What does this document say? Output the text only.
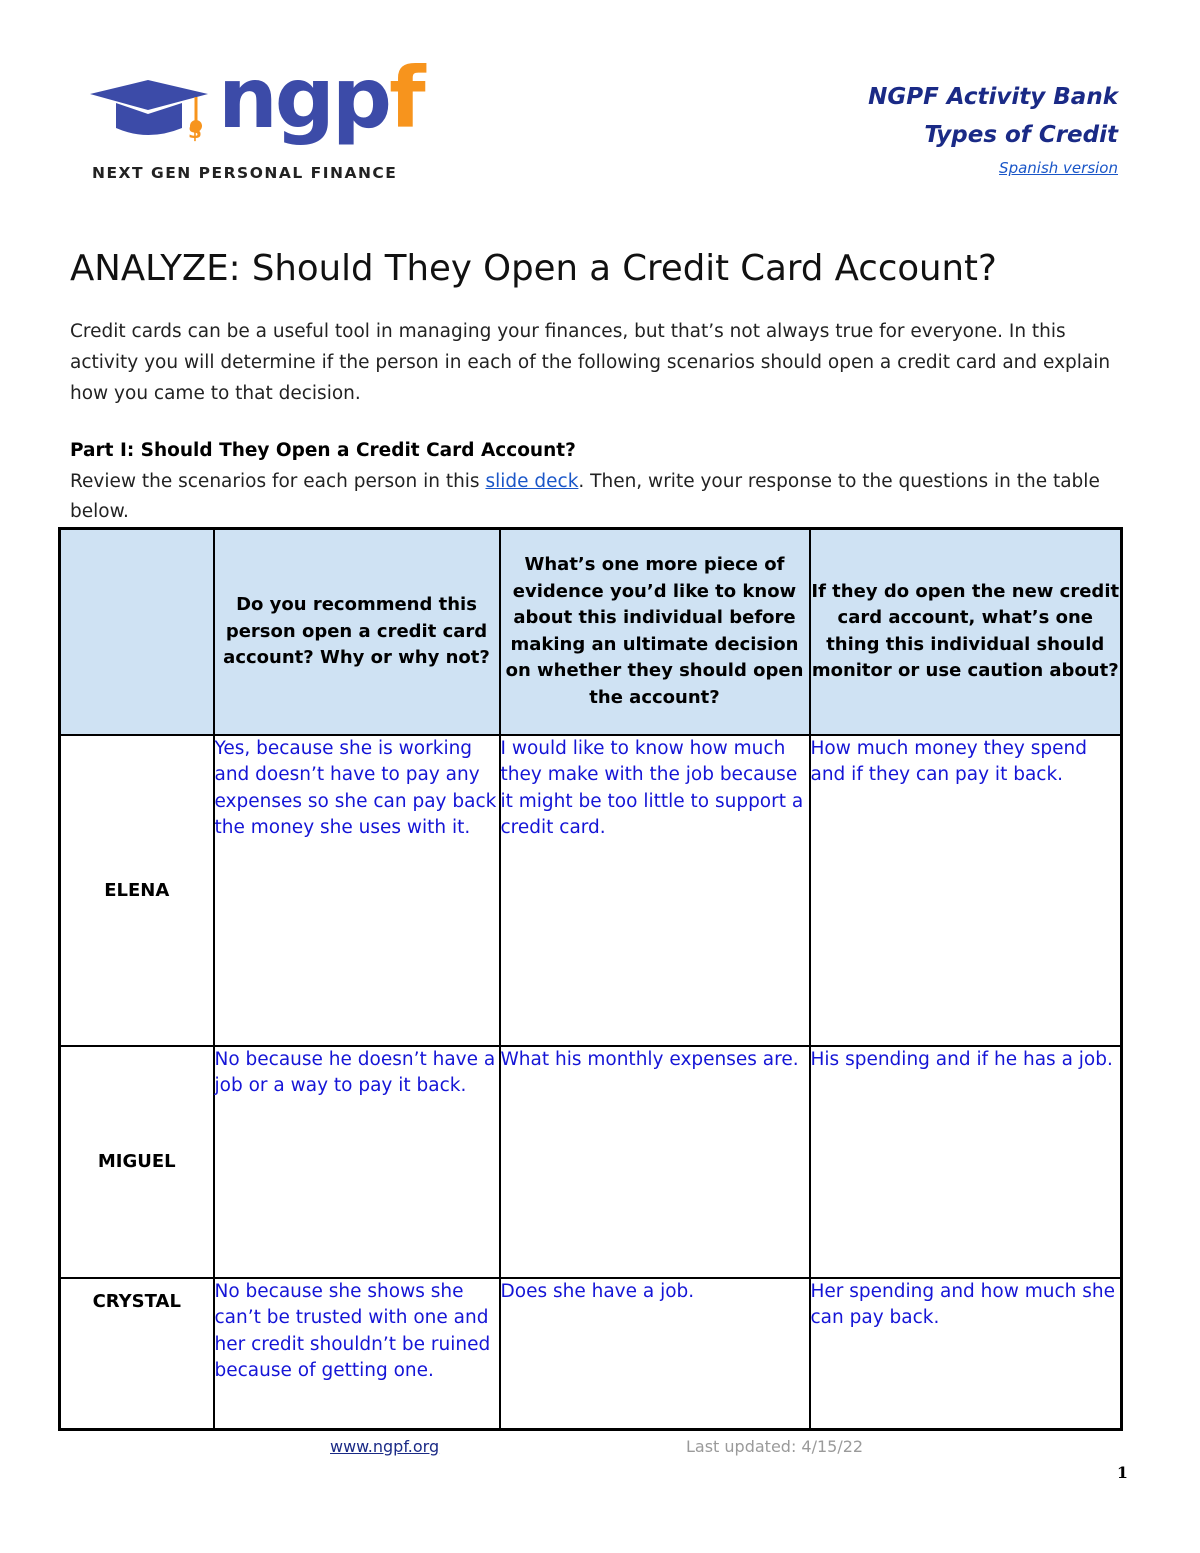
$ ngpf
NEXT GEN PERSONAL FINANCE
NGPF Activity Bank
Types of Credit
Spanish version
ANALYZE: Should They Open a Credit Card Account?
Credit cards can be a useful tool in managing your finances, but that’s not always true for everyone. In this activity you will determine if the person in each of the following scenarios should open a credit card and explain how you came to that decision.
Part I: Should They Open a Credit Card Account?
Review the scenarios for each person in this slide deck. Then, write your response to the questions in the table below.
	Do you recommend this person open a credit card account? Why or why not?	What’s one more piece of evidence you’d like to know about this individual before making an ultimate decision on whether they should open the account?	If they do open the new credit card account, what’s one thing this individual should monitor or use caution about?
ELENA	Yes, because she is working and doesn’t have to pay any expenses so she can pay back the money she uses with it.	I would like to know how much they make with the job because it might be too little to support a credit card.	How much money they spend and if they can pay it back.
MIGUEL	No because he doesn’t have a job or a way to pay it back.	What his monthly expenses are.	His spending and if he has a job.
CRYSTAL	No because she shows she can’t be trusted with one and her credit shouldn’t be ruined because of getting one.	Does she have a job.	Her spending and how much she can pay back.
www.ngpf.org	Last updated: 4/15/22
1
